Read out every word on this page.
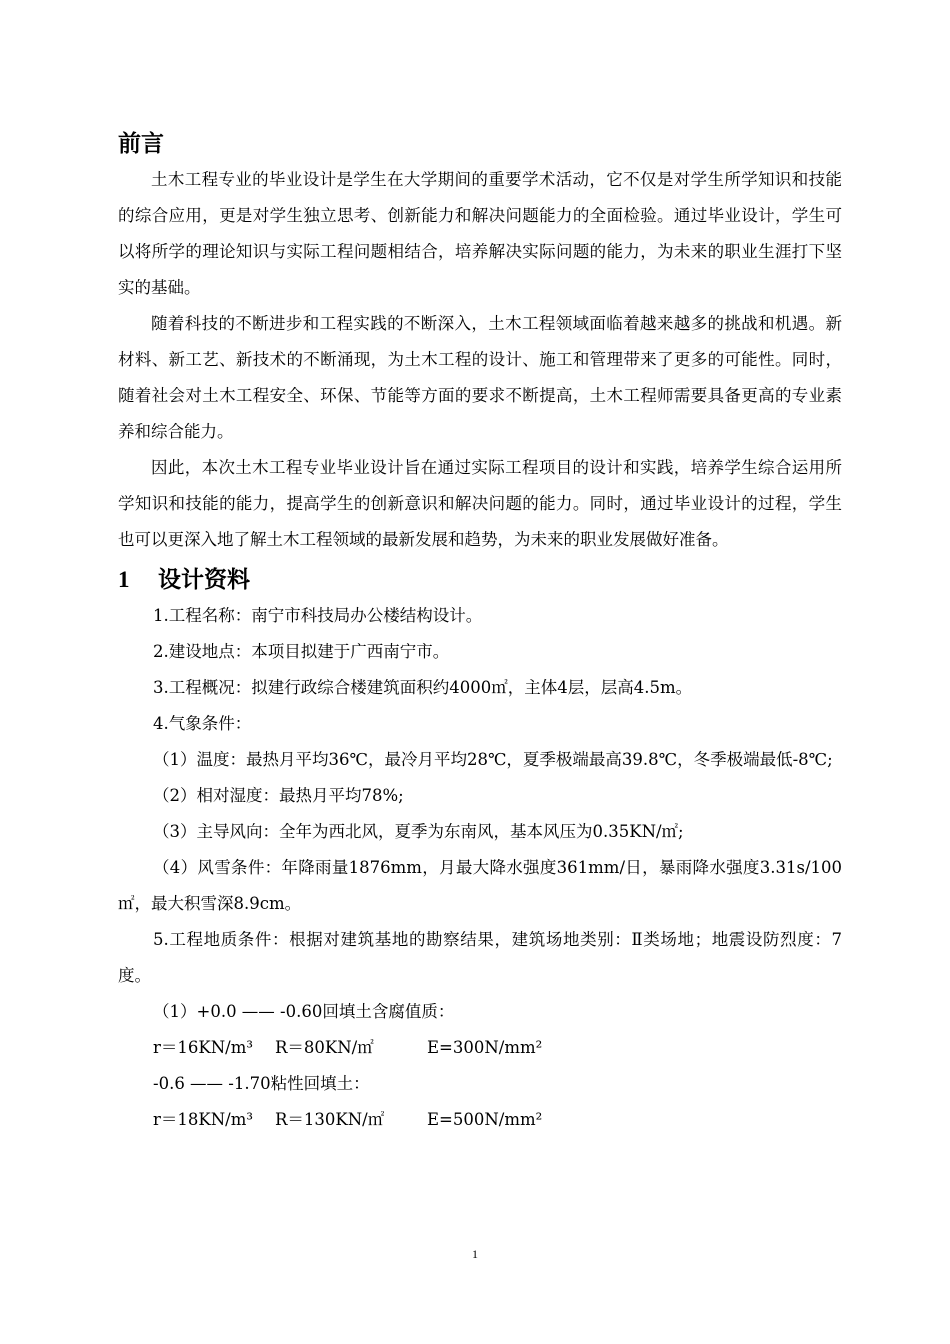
前言

土木工程专业的毕业设计是学生在大学期间的重要学术活动，它不仅是对学生所学知识和技能的综合应用，更是对学生独立思考、创新能力和解决问题能力的全面检验。通过毕业设计，学生可以将所学的理论知识与实际工程问题相结合，培养解决实际问题的能力，为未来的职业生涯打下坚实的基础。

随着科技的不断进步和工程实践的不断深入，土木工程领域面临着越来越多的挑战和机遇。新材料、新工艺、新技术的不断涌现，为土木工程的设计、施工和管理带来了更多的可能性。同时，随着社会对土木工程安全、环保、节能等方面的要求不断提高，土木工程师需要具备更高的专业素养和综合能力。

因此，本次土木工程专业毕业设计旨在通过实际工程项目的设计和实践，培养学生综合运用所学知识和技能的能力，提高学生的创新意识和解决问题的能力。同时，通过毕业设计的过程，学生也可以更深入地了解土木工程领域的最新发展和趋势，为未来的职业发展做好准备。

1 设计资料

1.工程名称：南宁市科技局办公楼结构设计。

2.建设地点：本项目拟建于广西南宁市。

3.工程概况：拟建行政综合楼建筑面积约4000㎡，主体4层，层高4.5m。

4.气象条件：

（1）温度：最热月平均36℃，最冷月平均28℃，夏季极端最高39.8℃，冬季极端最低-8℃;

（2）相对湿度：最热月平均78%;

（3）主导风向：全年为西北风，夏季为东南风，基本风压为0.35KN/㎡;

（4）风雪条件：年降雨量1876mm，月最大降水强度361mm/日，暴雨降水强度3.31s/100㎡，最大积雪深8.9cm。

5.工程地质条件：根据对建筑基地的勘察结果，建筑场地类别：Ⅱ类场地；地震设防烈度：7度。

（1）+0.0 —— -0.60回填土含腐值质：

r＝16KN/m³ R＝80KN/㎡	E=300N/mm²

-0.6 —— -1.70粘性回填土：

r＝18KN/m³ R＝130KN/㎡	E=500N/mm²
1
